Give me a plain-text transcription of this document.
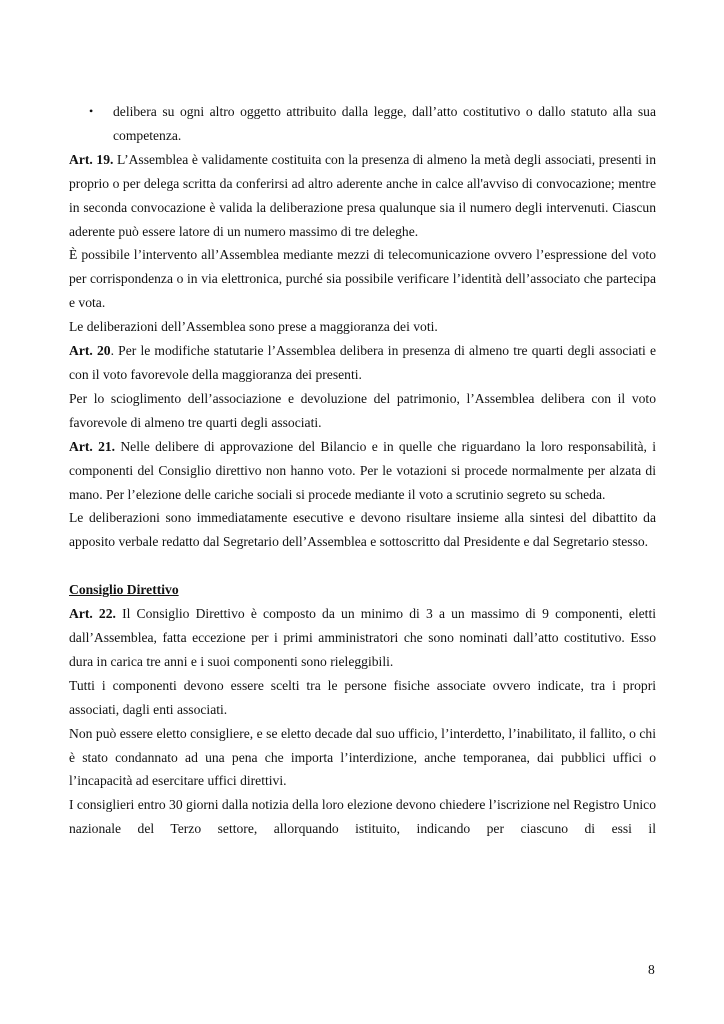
• delibera su ogni altro oggetto attribuito dalla legge, dall’atto costitutivo o dallo statuto alla sua competenza.

Art. 19. L’Assemblea è validamente costituita con la presenza di almeno la metà degli associati, presenti in proprio o per delega scritta da conferirsi ad altro aderente anche in calce all'avviso di convocazione; mentre in seconda convocazione è valida la deliberazione presa qualunque sia il numero degli intervenuti. Ciascun aderente può essere latore di un numero massimo di tre deleghe.

È possibile l’intervento all’Assemblea mediante mezzi di telecomunicazione ovvero l’espressione del voto per corrispondenza o in via elettronica, purché sia possibile verificare l’identità dell’associato che partecipa e vota.

Le deliberazioni dell’Assemblea sono prese a maggioranza dei voti.

Art. 20. Per le modifiche statutarie l’Assemblea delibera in presenza di almeno tre quarti degli associati e con il voto favorevole della maggioranza dei presenti.

Per lo scioglimento dell’associazione e devoluzione del patrimonio, l’Assemblea delibera con il voto favorevole di almeno tre quarti degli associati.

Art. 21. Nelle delibere di approvazione del Bilancio e in quelle che riguardano la loro responsabilità, i componenti del Consiglio direttivo non hanno voto. Per le votazioni si procede normalmente per alzata di mano. Per l’elezione delle cariche sociali si procede mediante il voto a scrutinio segreto su scheda.

Le deliberazioni sono immediatamente esecutive e devono risultare insieme alla sintesi del dibattito da apposito verbale redatto dal Segretario dell’Assemblea e sottoscritto dal Presidente e dal Segretario stesso.

Consiglio Direttivo

Art. 22. Il Consiglio Direttivo è composto da un minimo di 3 a un massimo di 9 componenti, eletti dall’Assemblea, fatta eccezione per i primi amministratori che sono nominati dall’atto costitutivo. Esso dura in carica tre anni e i suoi componenti sono rieleggibili.

Tutti i componenti devono essere scelti tra le persone fisiche associate ovvero indicate, tra i propri associati, dagli enti associati.

Non può essere eletto consigliere, e se eletto decade dal suo ufficio, l’interdetto, l’inabilitato, il fallito, o chi è stato condannato ad una pena che importa l’interdizione, anche temporanea, dai pubblici uffici o l’incapacità ad esercitare uffici direttivi.

I consiglieri entro 30 giorni dalla notizia della loro elezione devono chiedere l’iscrizione nel Registro Unico nazionale del Terzo settore, allorquando istituito, indicando per ciascuno di essi il

8
